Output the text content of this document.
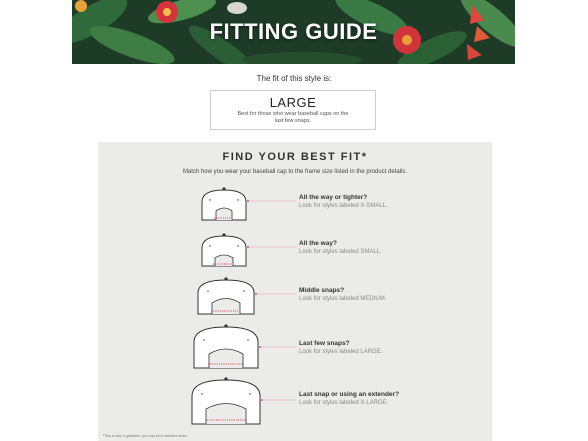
FITTING GUIDE
The fit of this style is:
LARGE
Best for those who wear baseball caps on the last few snaps.
FIND YOUR BEST FIT*
Match how you wear your baseball cap to the frame size listed in the product details.
All the way or tighter?
Look for styles labeled X-SMALL.
All the way?
Look for styles labeled SMALL.
Middle snaps?
Look for styles labeled MEDIUM.
Last few snaps?
Look for styles labeled LARGE.
Last snap or using an extender?
Look for styles labeled X-LARGE.
*This is only a guideline, you may be in between sizes.
